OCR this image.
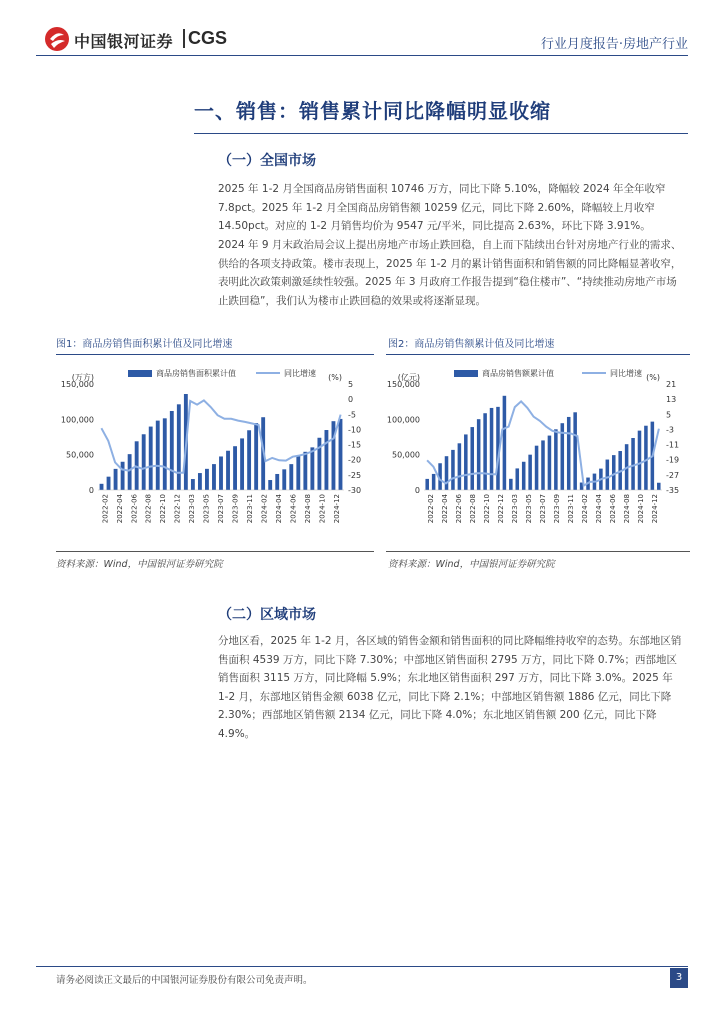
中国银河证券 CGS	行业月度报告·房地产行业
一、销售：销售累计同比降幅明显收缩
（一）全国市场

2025 年 1-2 月全国商品房销售面积 10746 万方，同比下降 5.10%，降幅较 2024 年全年收窄 7.8pct。2025 年 1-2 月全国商品房销售额 10259 亿元，同比下降 2.60%，降幅较上月收窄 14.50pct。对应的 1-2 月销售均价为 9547 元/平米，同比提高 2.63%，环比下降 3.91%。

2024 年 9 月末政治局会议上提出房地产市场止跌回稳，自上而下陆续出台针对房地产行业的需求、供给的各项支持政策。楼市表现上，2025 年 1-2 月的累计销售面积和销售额的同比降幅显著收窄，表明此次政策刺激延续性较强。2025 年 3 月政府工作报告提到“稳住楼市”、“持续推动房地产市场止跌回稳”，我们认为楼市止跌回稳的效果或将逐渐显现。

图1：商品房销售面积累计值及同比增速	图2：商品房销售额累计值及同比增速
(万方)	(%)
商品房销售面积累计值	同比增速
0
50,000
100,000
150,000	5
0
-5
-10
-15
-20
-25
-30
2022-02 2022-04 2022-06 2022-08 2022-10 2022-12 2023-03 2023-05 2023-07 2023-09 2023-11 2024-02 2024-04 2024-06 2024-08 2024-10 2024-12
(亿元)	(%)
商品房销售额累计值	同比增速
0
50,000
100,000
150,000	21
13
5
-3
-11
-19
-27
-35
2022-02 2022-04 2022-06 2022-08 2022-10 2022-12 2023-03 2023-05 2023-07 2023-09 2023-11 2024-02 2024-04 2024-06 2024-08 2024-10 2024-12
资料来源：Wind，中国银河证券研究院	资料来源：Wind，中国银河证券研究院
（二）区域市场

分地区看，2025 年 1-2 月，各区域的销售金额和销售面积的同比降幅维持收窄的态势。东部地区销售面积 4539 万方，同比下降 7.30%；中部地区销售面积 2795 万方，同比下降 0.7%；西部地区销售面积 3115 万方，同比降幅 5.9%；东北地区销售面积 297 万方，同比下降 3.0%。2025 年 1-2 月，东部地区销售金额 6038 亿元，同比下降 2.1%；中部地区销售额 1886 亿元，同比下降 2.30%；西部地区销售额 2134 亿元，同比下降 4.0%；东北地区销售额 200 亿元，同比下降 4.9%。

请务必阅读正文最后的中国银河证券股份有限公司免责声明。	3
